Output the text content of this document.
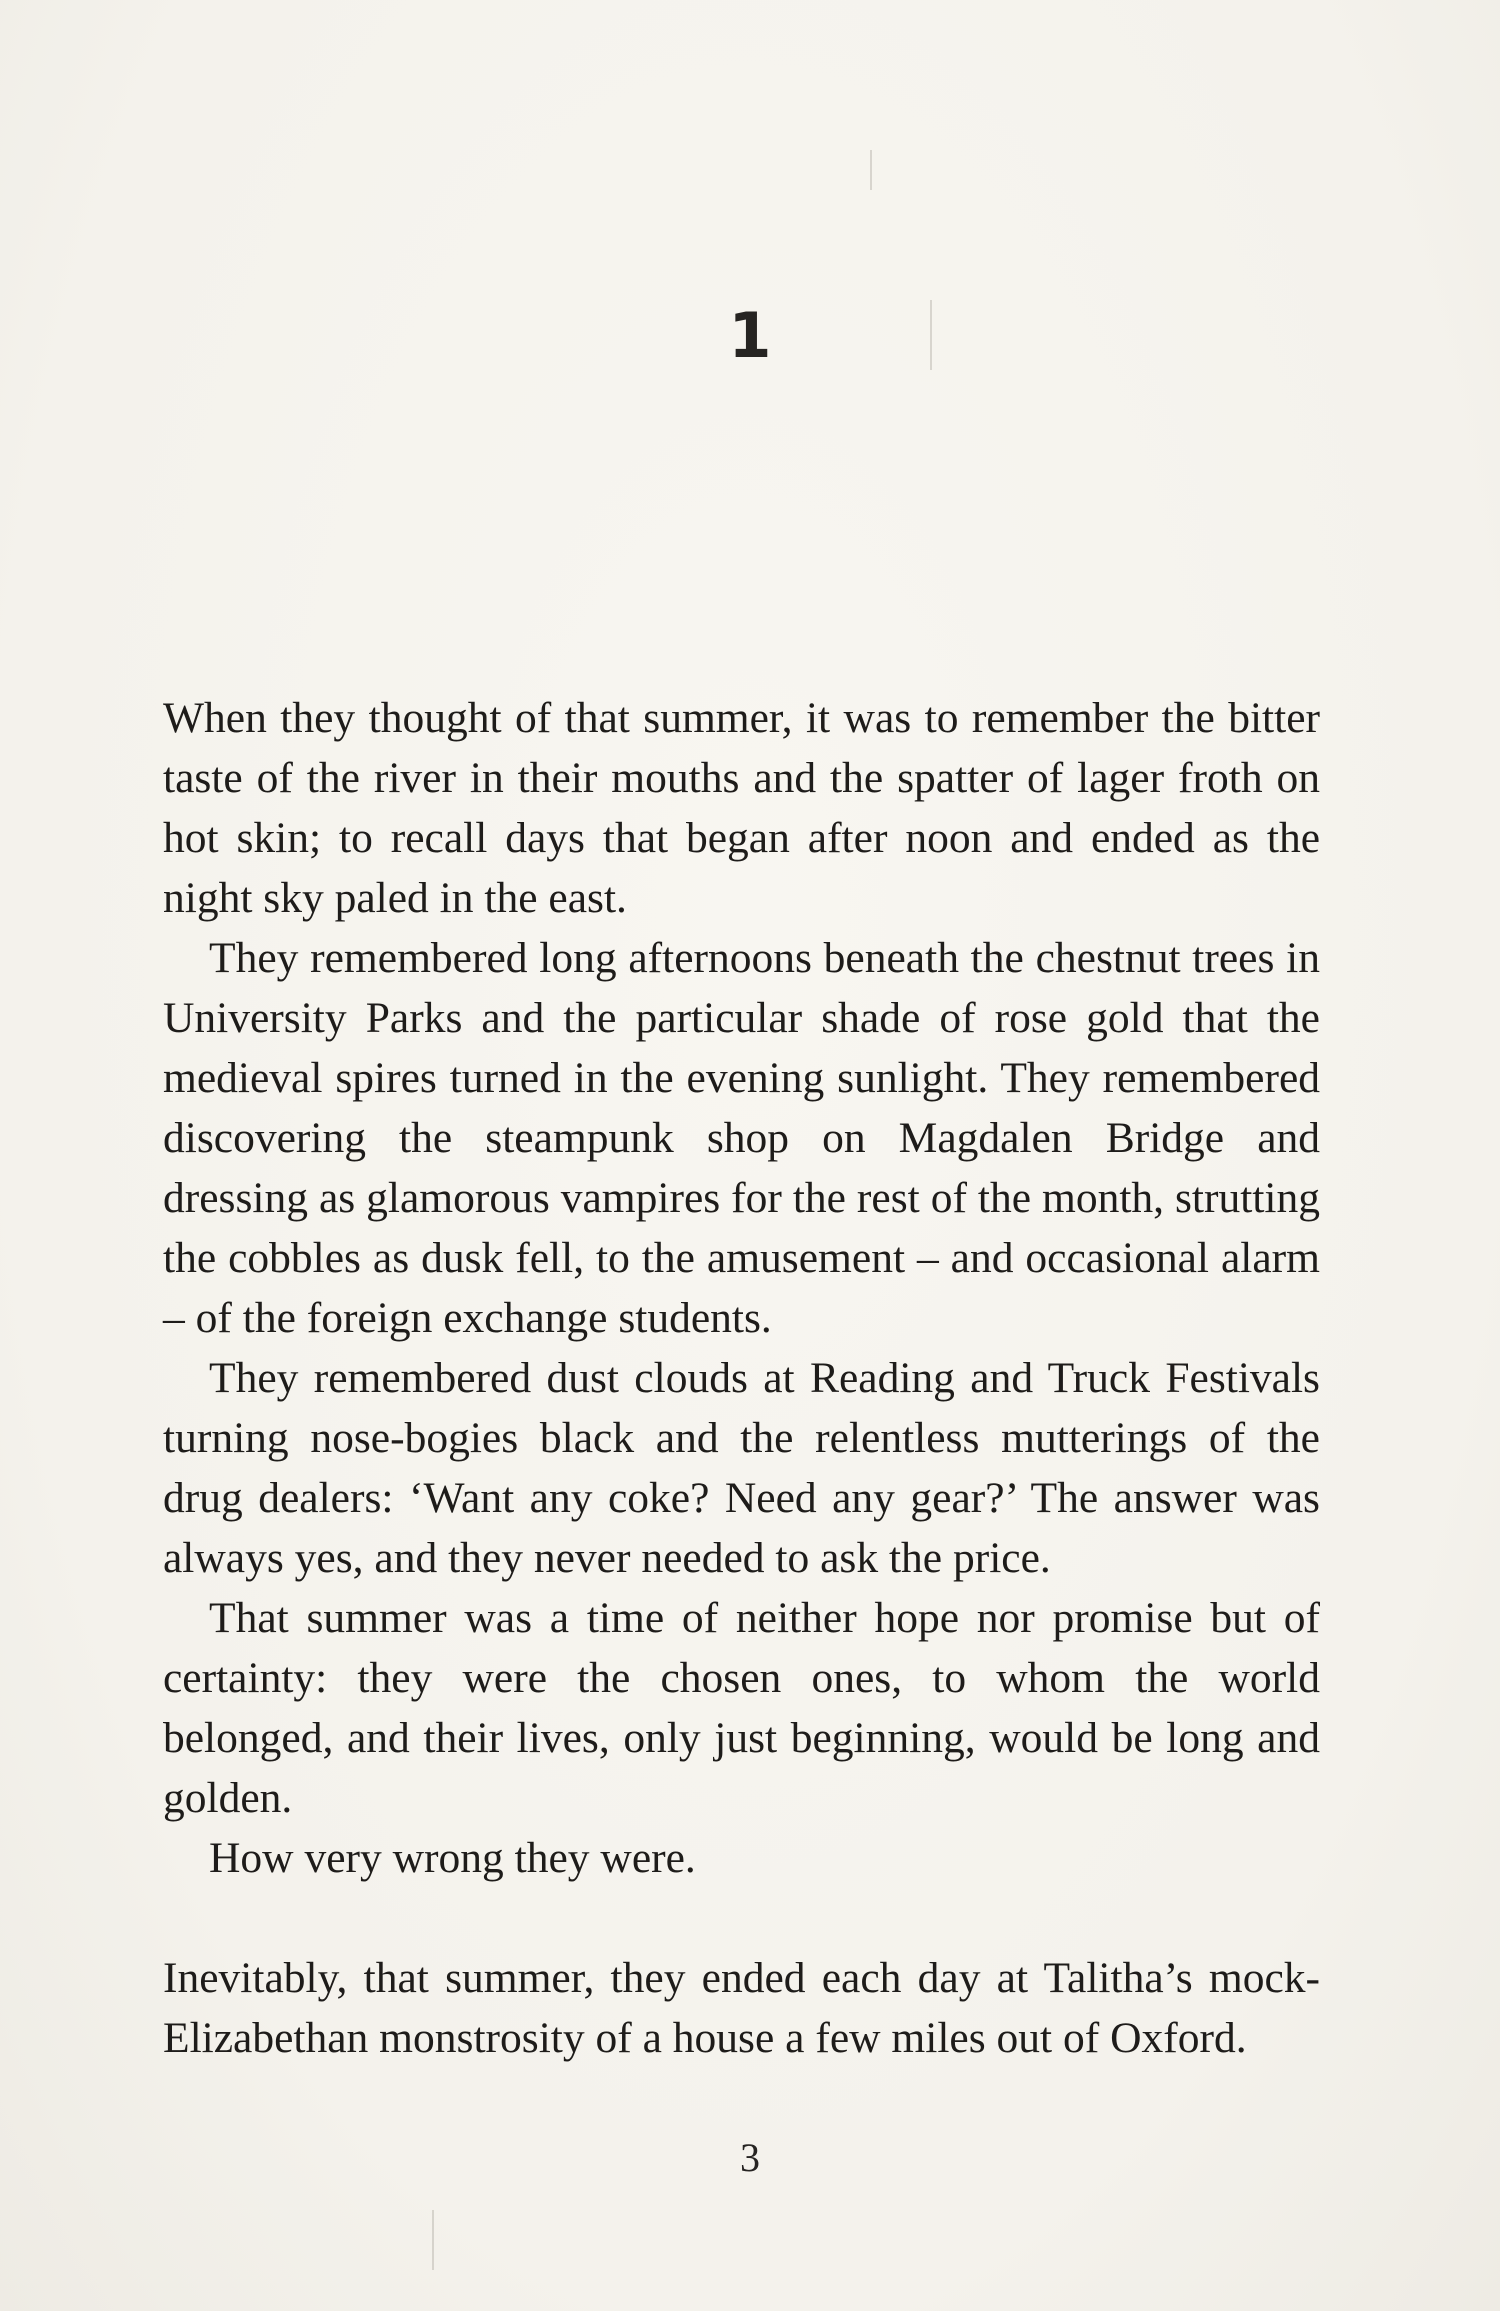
1

When they thought of that summer, it was to remember the bitter taste of the river in their mouths and the spatter of lager froth on hot skin; to recall days that began after noon and ended as the night sky paled in the east.

They remembered long afternoons beneath the chestnut trees in University Parks and the particular shade of rose gold that the medieval spires turned in the evening sunlight. They remembered discovering the steampunk shop on Magdalen Bridge and dressing as glamorous vampires for the rest of the month, strutting the cobbles as dusk fell, to the amusement – and occasional alarm – of the foreign exchange students.

They remembered dust clouds at Reading and Truck Festivals turning nose-bogies black and the relentless mutterings of the drug dealers: ‘Want any coke? Need any gear?’ The answer was always yes, and they never needed to ask the price.

That summer was a time of neither hope nor promise but of certainty: they were the chosen ones, to whom the world belonged, and their lives, only just beginning, would be long and golden.

How very wrong they were.

Inevitably, that summer, they ended each day at Talitha’s mock-Elizabethan monstrosity of a house a few miles out of Oxford.

3
